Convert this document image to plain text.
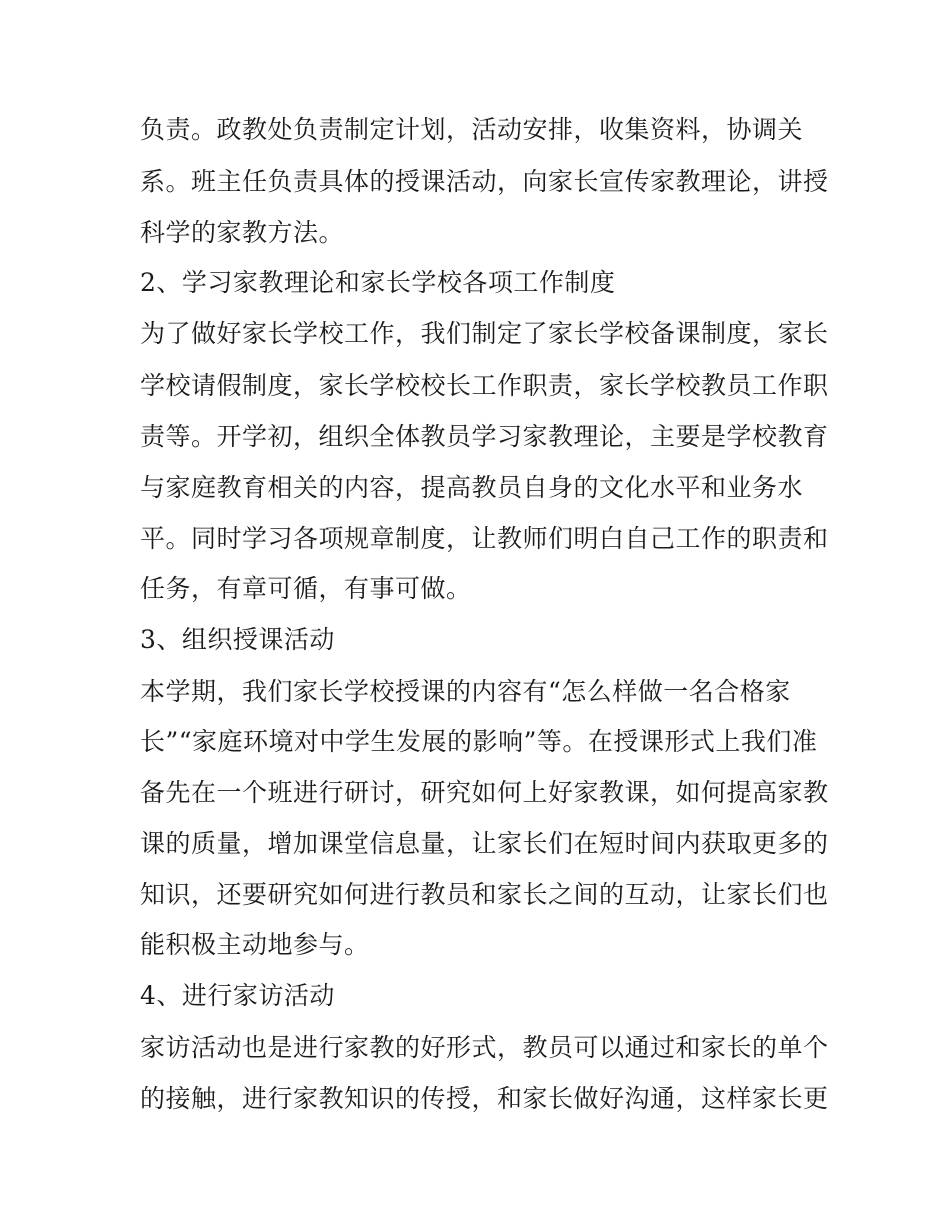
负责。政教处负责制定计划，活动安排，收集资料，协调关
系。班主任负责具体的授课活动，向家长宣传家教理论，讲授
科学的家教方法。
2、学习家教理论和家长学校各项工作制度
为了做好家长学校工作，我们制定了家长学校备课制度，家长
学校请假制度，家长学校校长工作职责，家长学校教员工作职
责等。开学初，组织全体教员学习家教理论，主要是学校教育
与家庭教育相关的内容，提高教员自身的文化水平和业务水
平。同时学习各项规章制度，让教师们明白自己工作的职责和
任务，有章可循，有事可做。
3、组织授课活动
本学期，我们家长学校授课的内容有“怎么样做一名合格家
长”“家庭环境对中学生发展的影响”等。在授课形式上我们准
备先在一个班进行研讨，研究如何上好家教课，如何提高家教
课的质量，增加课堂信息量，让家长们在短时间内获取更多的
知识，还要研究如何进行教员和家长之间的互动，让家长们也
能积极主动地参与。
4、进行家访活动
家访活动也是进行家教的好形式，教员可以通过和家长的单个
的接触，进行家教知识的传授，和家长做好沟通，这样家长更
